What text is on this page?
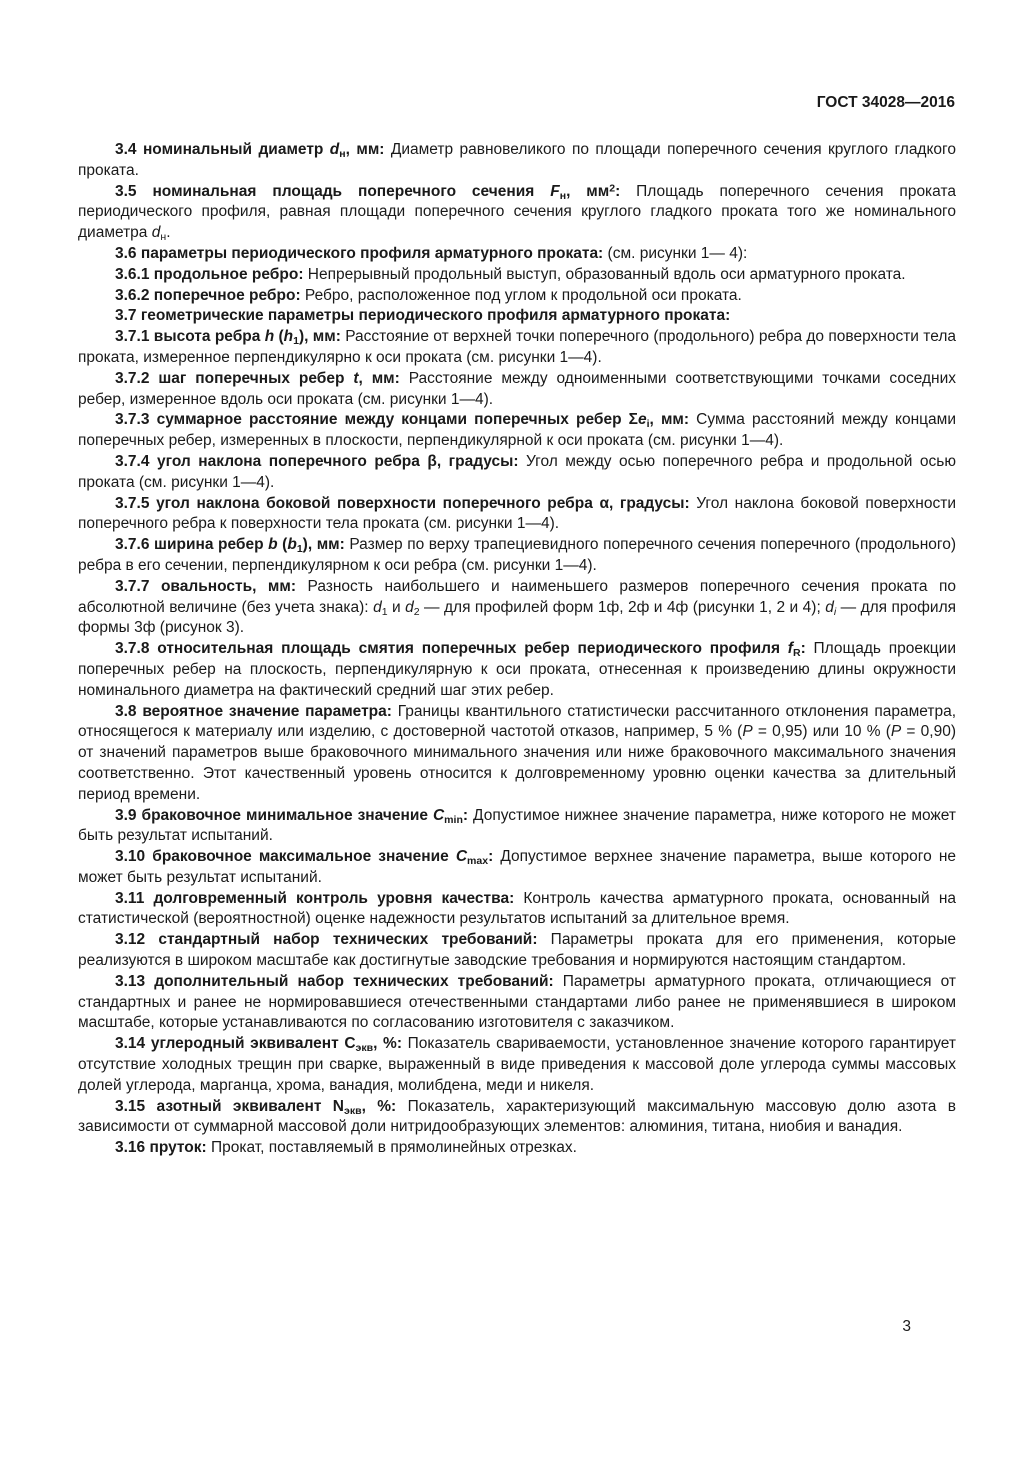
ГОСТ 34028—2016

3.4 номинальный диаметр $d_н$, мм: Диаметр равновеликого по площади поперечного сечения круглого гладкого проката.

3.5 номинальная площадь поперечного сечения $F_н$, $мм^2$: Площадь поперечного сечения проката периодического профиля, равная площади поперечного сечения круглого гладкого проката того же номинального диаметра $d_н$.

3.6 параметры периодического профиля арматурного проката: (см. рисунки 1— 4):

3.6.1 продольное ребро: Непрерывный продольный выступ, образованный вдоль оси арматурного проката.

3.6.2 поперечное ребро: Ребро, расположенное под углом к продольной оси проката.

3.7 геометрические параметры периодического профиля арматурного проката:

3.7.1 высота ребра h $(h_1)$, мм: Расстояние от верхней точки поперечного (продольного) ребра до поверхности тела проката, измеренное перпендикулярно к оси проката (см. рисунки 1—4).

3.7.2 шаг поперечных ребер t, мм: Расстояние между одноименными соответствующими точками соседних ребер, измеренное вдоль оси проката (см. рисунки 1—4).

3.7.3 суммарное расстояние между концами поперечных ребер $\Sigma e_i$, мм: Сумма расстояний между концами поперечных ребер, измеренных в плоскости, перпендикулярной к оси проката (см. рисунки 1—4).

3.7.4 угол наклона поперечного ребра β, градусы: Угол между осью поперечного ребра и продольной осью проката (см. рисунки 1—4).

3.7.5 угол наклона боковой поверхности поперечного ребра α, градусы: Угол наклона боковой поверхности поперечного ребра к поверхности тела проката (см. рисунки 1—4).

3.7.6 ширина ребер b $(b_1)$, мм: Размер по верху трапециевидного поперечного сечения поперечного (продольного) ребра в его сечении, перпендикулярном к оси ребра (см. рисунки 1—4).

3.7.7 овальность, мм: Разность наибольшего и наименьшего размеров поперечного сечения проката по абсолютной величине (без учета знака): $d_1$ и $d_2$ — для профилей форм 1ф, 2ф и 4ф (рисунки 1, 2 и 4); $d_i$ — для профиля формы 3ф (рисунок 3).

3.7.8 относительная площадь смятия поперечных ребер периодического профиля $f_R$: Площадь проекции поперечных ребер на плоскость, перпендикулярную к оси проката, отнесенная к произведению длины окружности номинального диаметра на фактический средний шаг этих ребер.

3.8 вероятное значение параметра: Границы квантильного статистически рассчитанного отклонения параметра, относящегося к материалу или изделию, с достоверной частотой отказов, например, 5 % (P = 0,95) или 10 % (P = 0,90) от значений параметров выше браковочного минимального значения или ниже браковочного максимального значения соответственно. Этот качественный уровень относится к долговременному уровню оценки качества за длительный период времени.

3.9 браковочное минимальное значение $C_{min}$: Допустимое нижнее значение параметра, ниже которого не может быть результат испытаний.

3.10 браковочное максимальное значение $C_{max}$: Допустимое верхнее значение параметра, выше которого не может быть результат испытаний.

3.11 долговременный контроль уровня качества: Контроль качества арматурного проката, основанный на статистической (вероятностной) оценке надежности результатов испытаний за длительное время.

3.12 стандартный набор технических требований: Параметры проката для его применения, которые реализуются в широком масштабе как достигнутые заводские требования и нормируются настоящим стандартом.

3.13 дополнительный набор технических требований: Параметры арматурного проката, отличающиеся от стандартных и ранее не нормировавшиеся отечественными стандартами либо ранее не применявшиеся в широком масштабе, которые устанавливаются по согласованию изготовителя с заказчиком.

3.14 углеродный эквивалент $С_{экв}$, %: Показатель свариваемости, установленное значение которого гарантирует отсутствие холодных трещин при сварке, выраженный в виде приведения к массовой доле углерода суммы массовых долей углерода, марганца, хрома, ванадия, молибдена, меди и никеля.

3.15 азотный эквивалент $N_{экв}$, %: Показатель, характеризующий максимальную массовую долю азота в зависимости от суммарной массовой доли нитридообразующих элементов: алюминия, титана, ниобия и ванадия.

3.16 пруток: Прокат, поставляемый в прямолинейных отрезках.

3
